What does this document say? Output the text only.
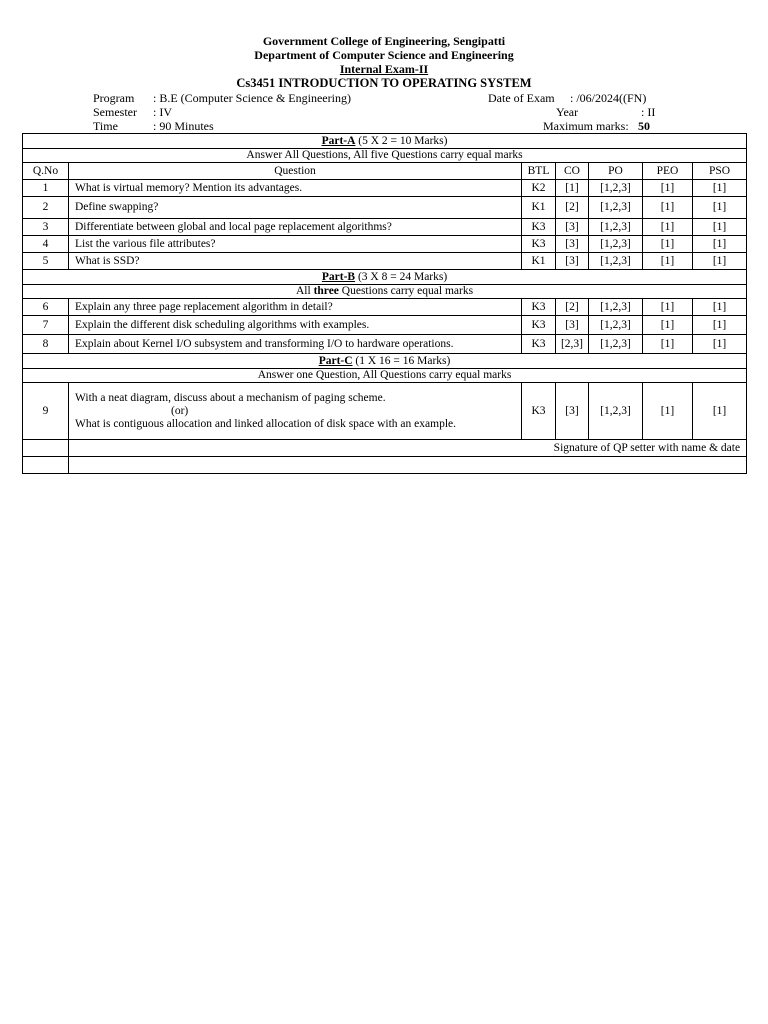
Government College of Engineering, Sengipatti
Department of Computer Science and Engineering
Internal Exam-II
Cs3451 INTRODUCTION TO OPERATING SYSTEM
Program : B.E (Computer Science & Engineering)
Semester : IV
Time	: 90 Minutes
Date of Exam : /06/2024((FN)
Year	: II
Maximum marks: 50
Part-A (5 X 2 = 10 Marks)						
Answer All Questions, All five Questions carry equal marks						
Q.No	Question	BTL	CO	PO	PEO	PSO
1	What is virtual memory? Mention its advantages.	K2	[1]	[1,2,3]	[1]	[1]
2	Define swapping?	K1	[2]	[1,2,3]	[1]	[1]
3	Differentiate between global and local page replacement algorithms?	K3	[3]	[1,2,3]	[1]	[1]
4	List the various file attributes?	K3	[3]	[1,2,3]	[1]	[1]
5	What is SSD?	K1	[3]	[1,2,3]	[1]	[1]
Part-B (3 X 8 = 24 Marks)						
All three Questions carry equal marks						
6	Explain any three page replacement algorithm in detail?	K3	[2]	[1,2,3]	[1]	[1]
7	Explain the different disk scheduling algorithms with examples.	K3	[3]	[1,2,3]	[1]	[1]
8	Explain about Kernel I/O subsystem and transforming I/O to hardware operations.	K3	[2,3]	[1,2,3]	[1]	[1]
Part-C (1 X 16 = 16 Marks)						
Answer one Question, All Questions carry equal marks						
9	With a neat diagram, discuss about a mechanism of paging scheme.
(or)
What is contiguous allocation and linked allocation of disk space with an example.	K3	[3]	[1,2,3]	[1]	[1]
	Signature of QP setter with name & date					
